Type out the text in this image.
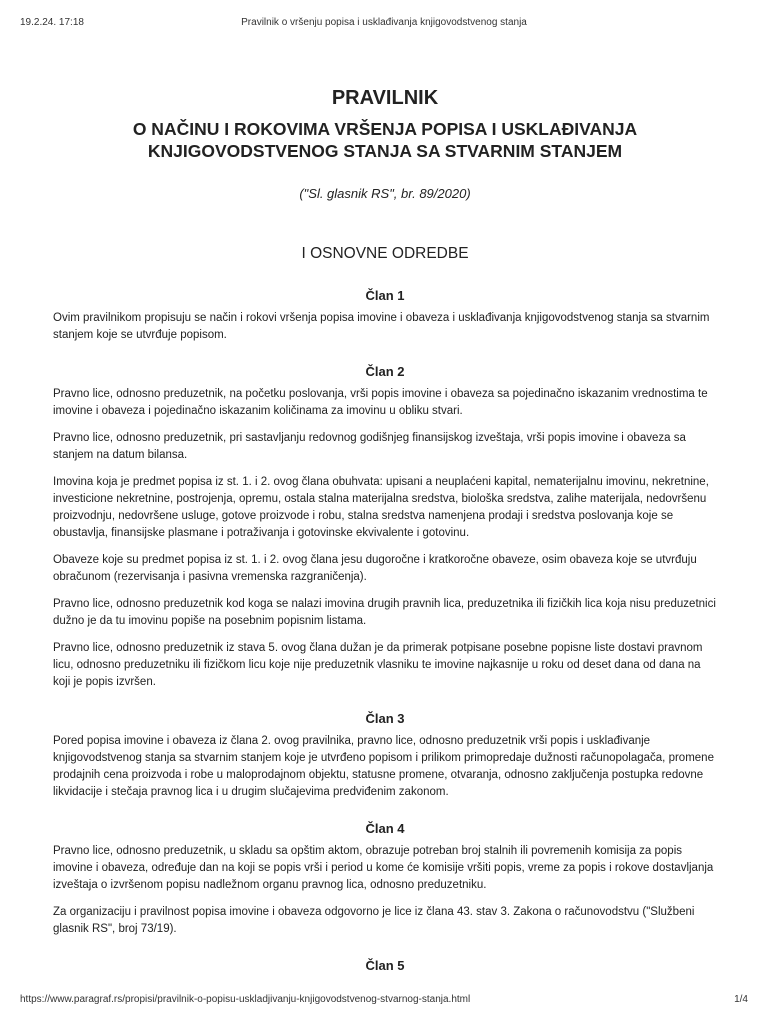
19.2.24. 17:18	Pravilnik o vršenju popisa i usklađivanja knjigovodstvenog stanja
PRAVILNIK
O NAČINU I ROKOVIMA VRŠENJA POPISA I USKLAĐIVANJA
KNJIGOVODSTVENOG STANJA SA STVARNIM STANJEM

("Sl. glasnik RS", br. 89/2020)

I OSNOVNE ODREDBE
Član 1

Ovim pravilnikom propisuju se način i rokovi vršenja popisa imovine i obaveza i usklađivanja knjigovodstvenog stanja sa stvarnim stanjem koje se utvrđuje popisom.

Član 2

Pravno lice, odnosno preduzetnik, na početku poslovanja, vrši popis imovine i obaveza sa pojedinačno iskazanim vrednostima te imovine i obaveza i pojedinačno iskazanim količinama za imovinu u obliku stvari.

Pravno lice, odnosno preduzetnik, pri sastavljanju redovnog godišnjeg finansijskog izveštaja, vrši popis imovine i obaveza sa stanjem na datum bilansa.

Imovina koja je predmet popisa iz st. 1. i 2. ovog člana obuhvata: upisani a neuplaćeni kapital, nematerijalnu imovinu, nekretnine, investicione nekretnine, postrojenja, opremu, ostala stalna materijalna sredstva, biološka sredstva, zalihe materijala, nedovršenu proizvodnju, nedovršene usluge, gotove proizvode i robu, stalna sredstva namenjena prodaji i sredstva poslovanja koje se obustavlja, finansijske plasmane i potraživanja i gotovinske ekvivalente i gotovinu.

Obaveze koje su predmet popisa iz st. 1. i 2. ovog člana jesu dugoročne i kratkoročne obaveze, osim obaveza koje se utvrđuju obračunom (rezervisanja i pasivna vremenska razgraničenja).

Pravno lice, odnosno preduzetnik kod koga se nalazi imovina drugih pravnih lica, preduzetnika ili fizičkih lica koja nisu preduzetnici dužno je da tu imovinu popiše na posebnim popisnim listama.

Pravno lice, odnosno preduzetnik iz stava 5. ovog člana dužan je da primerak potpisane posebne popisne liste dostavi pravnom licu, odnosno preduzetniku ili fizičkom licu koje nije preduzetnik vlasniku te imovine najkasnije u roku od deset dana od dana na koji je popis izvršen.

Član 3

Pored popisa imovine i obaveza iz člana 2. ovog pravilnika, pravno lice, odnosno preduzetnik vrši popis i usklađivanje knjigovodstvenog stanja sa stvarnim stanjem koje je utvrđeno popisom i prilikom primopredaje dužnosti računopolagača, promene prodajnih cena proizvoda i robe u maloprodajnom objektu, statusne promene, otvaranja, odnosno zaključenja postupka redovne likvidacije i stečaja pravnog lica i u drugim slučajevima predviđenim zakonom.

Član 4

Pravno lice, odnosno preduzetnik, u skladu sa opštim aktom, obrazuje potreban broj stalnih ili povremenih komisija za popis imovine i obaveza, određuje dan na koji se popis vrši i period u kome će komisije vršiti popis, vreme za popis i rokove dostavljanja izveštaja o izvršenom popisu nadležnom organu pravnog lica, odnosno preduzetniku.

Za organizaciju i pravilnost popisa imovine i obaveza odgovorno je lice iz člana 43. stav 3. Zakona o računovodstvu ("Službeni glasnik RS", broj 73/19).

Član 5
https://www.paragraf.rs/propisi/pravilnik-o-popisu-uskladjivanju-knjigovodstvenog-stvarnog-stanja.html	1/4
